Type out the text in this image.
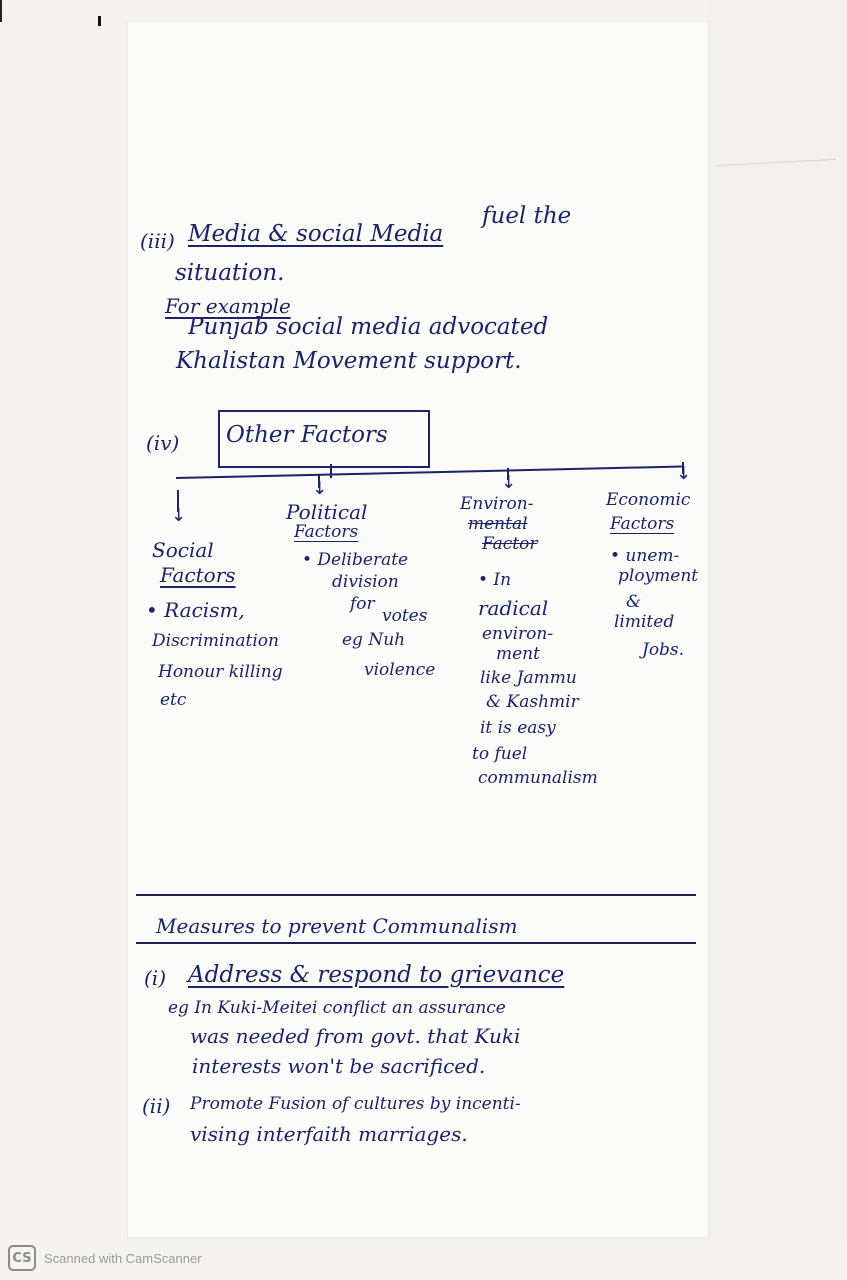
(iii) Media & social Media
fuel the
situation.
For example
Punjab social media advocated
Khalistan Movement support.
(iv) Other Factors
↓
↓	↓	↓
Social
Factors
• Racism,
Discrimination
Honour killing
etc
Political
Factors
• Deliberate
division
for
votes
eg Nuh
violence
Environ-
mental
Factor
• In
radical
environ-
ment
like Jammu
& Kashmir
it is easy
to fuel
communalism
Economic
Factors
• unem-
ployment
&
limited
Jobs.
Measures to prevent Communalism
(i) Address & respond to grievance
eg In Kuki-Meitei conflict an assurance
was needed from govt. that Kuki
interests won't be sacrificed.
(ii) Promote Fusion of cultures by incenti-
vising interfaith marriages.
CS Scanned with CamScanner
